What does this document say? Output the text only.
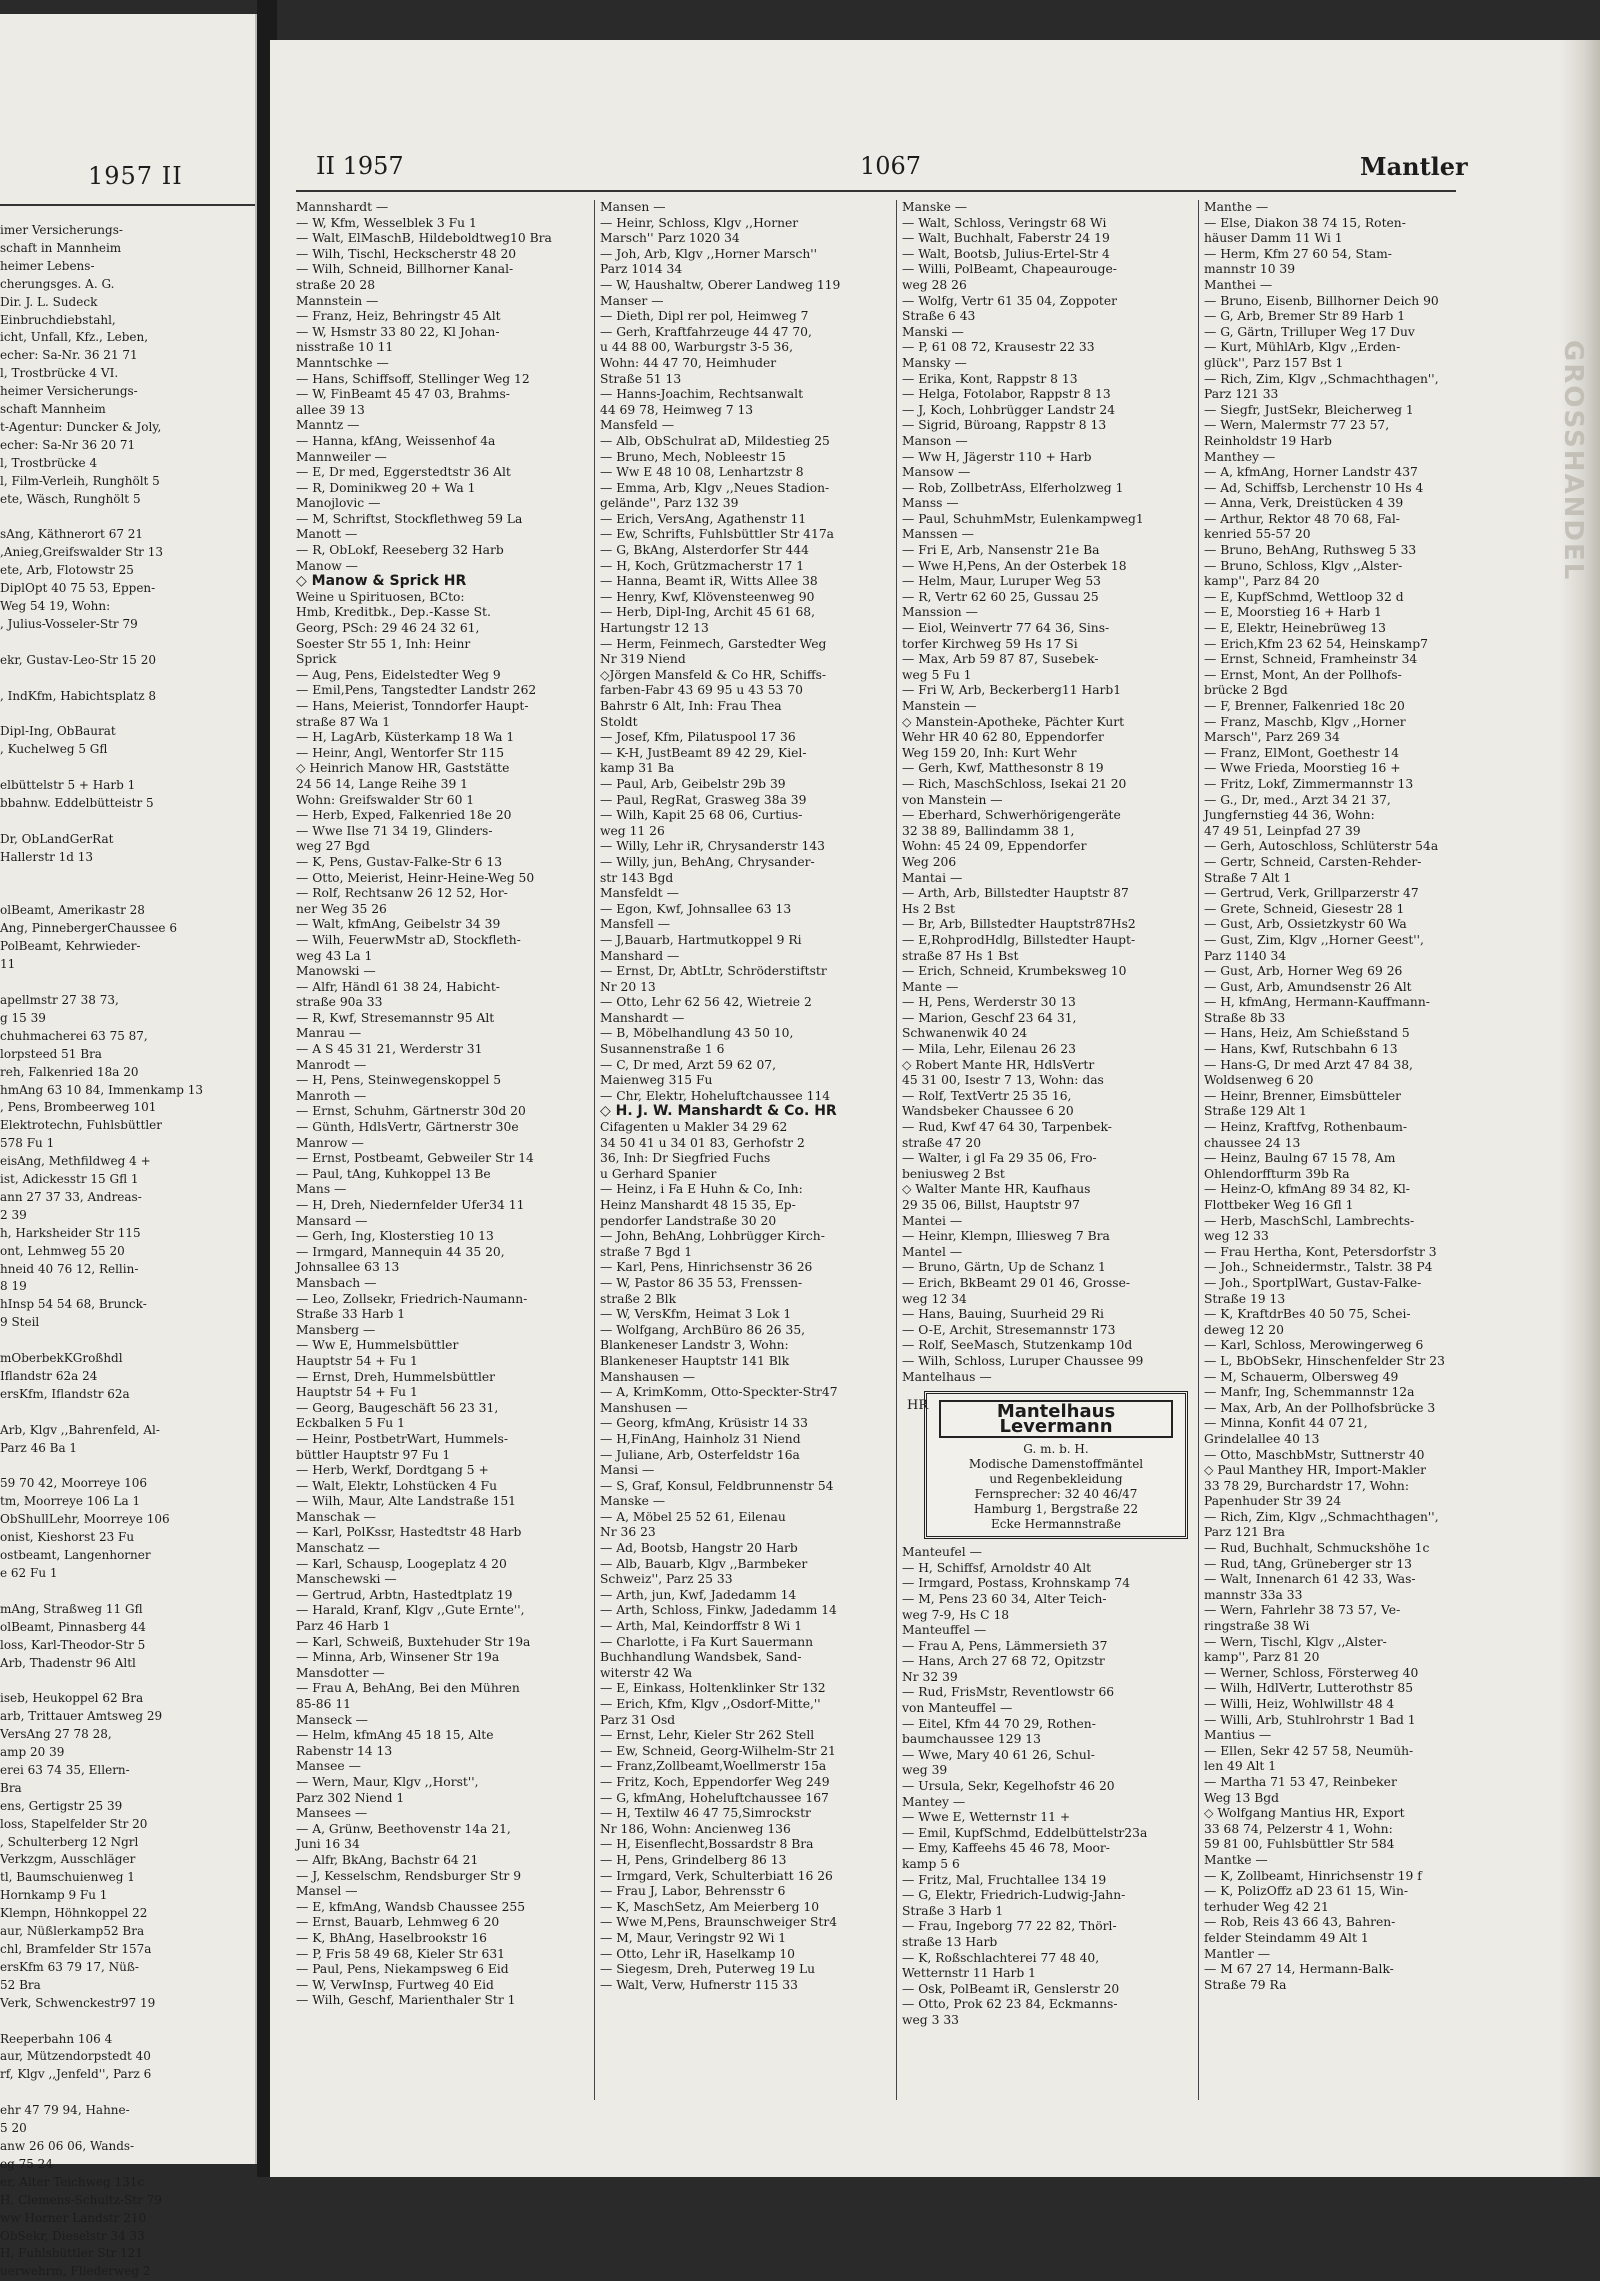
1957 II
imer Versicherungs-
schaft in Mannheim
heimer Lebens-
cherungsges. A. G.
Dir. J. L. Sudeck
Einbruchdiebstahl,
icht, Unfall, Kfz., Leben,
echer: Sa-Nr. 36 21 71
l, Trostbrücke 4 VI.
heimer Versicherungs-
schaft Mannheim
t-Agentur: Duncker & Joly,
echer: Sa-Nr 36 20 71
l, Trostbrücke 4
l, Film-Verleih, Runghölt 5
ete, Wäsch, Runghölt 5

sAng, Käthnerort 67 21
,Anieg,Greifswalder Str 13
ete, Arb, Flotowstr 25
DiplOpt 40 75 53, Eppen-
Weg 54 19, Wohn:
, Julius-Vosseler-Str 79

ekr, Gustav-Leo-Str 15 20

, IndKfm, Habichtsplatz 8

Dipl-Ing, ObBaurat
, Kuchelweg 5 Gfl

elbüttelstr 5 + Harb 1
bbahnw. Eddelbütteistr 5

Dr, ObLandGerRat
Hallerstr 1d 13

olBeamt, Amerikastr 28
Ang, PinnebergerChaussee 6
PolBeamt, Kehrwieder-
11

apellmstr 27 38 73,
g 15 39
chuhmacherei 63 75 87,
lorpsteed 51 Bra
reh, Falkenried 18a 20
hmAng 63 10 84, Immenkamp 13
, Pens, Brombeerweg 101
Elektrotechn, Fuhlsbüttler
578 Fu 1
eisAng, Methfildweg 4 +
ist, Adickesstr 15 Gfl 1
ann 27 37 33, Andreas-
2 39
h, Harksheider Str 115
ont, Lehmweg 55 20
hneid 40 76 12, Rellin-
8 19
hInsp 54 54 68, Brunck-
9 Steil

mOberbekKGroßhdl
Iflandstr 62a 24
ersKfm, Iflandstr 62a

Arb, Klgv ,,Bahrenfeld, Al-
Parz 46 Ba 1

59 70 42, Moorreye 106
tm, Moorreye 106 La 1
ObShullLehr, Moorreye 106
onist, Kieshorst 23 Fu
ostbeamt, Langenhorner
e 62 Fu 1

mAng, Straßweg 11 Gfl
olBeamt, Pinnasberg 44
loss, Karl-Theodor-Str 5
Arb, Thadenstr 96 Altl

iseb, Heukoppel 62 Bra
arb, Trittauer Amtsweg 29
VersAng 27 78 28,
amp 20 39
erei 63 74 35, Ellern-
Bra
ens, Gertigstr 25 39
loss, Stapelfelder Str 20
, Schulterberg 12 Ngrl
Verkzgm, Ausschläger
tl, Baumschuienweg 1
Hornkamp 9 Fu 1
Klempn, Höhnkoppel 22
aur, Nüßlerkamp52 Bra
chl, Bramfelder Str 157a
ersKfm 63 79 17, Nüß-
52 Bra
Verk, Schwenckestr97 19

Reeperbahn 106 4
aur, Mützendorpstedt 40
rf, Klgv ,,Jenfeld'', Parz 6

ehr 47 79 94, Hahne-
5 20
anw 26 06 06, Wands-
eg 75 24
er, Alter Teichweg 131c
H, Clemens-Schultz-Str 79
ww Horner Landstr 210
ObSekr, Dieselstr 34 33
H, Fuhlsbüttler Str 121
uerwehrm, Fliederweg 2
GROSSHANDEL
II 1957	1067	Mantler
Mannshardt —
— W, Kfm, Wesselblek 3 Fu 1
— Walt, ElMaschB, Hildeboldtweg10 Bra
— Wilh, Tischl, Heckscherstr 48 20
— Wilh, Schneid, Billhorner Kanal-
straße 20 28
Mannstein —
— Franz, Heiz, Behringstr 45 Alt
— W, Hsmstr 33 80 22, Kl Johan-
nisstraße 10 11
Manntschke —
— Hans, Schiffsoff, Stellinger Weg 12
— W, FinBeamt 45 47 03, Brahms-
allee 39 13
Manntz —
— Hanna, kfAng, Weissenhof 4a
Mannweiler —
— E, Dr med, Eggerstedtstr 36 Alt
— R, Dominikweg 20 + Wa 1
Manojlovic —
— M, Schriftst, Stockflethweg 59 La
Manott —
— R, ObLokf, Reeseberg 32 Harb
Manow —
◇ Manow & Sprick HR
Weine u Spirituosen, BCto:
Hmb, Kreditbk., Dep.-Kasse St.
Georg, PSch: 29 46 24 32 61,
Soester Str 55 1, Inh: Heinr
Sprick
— Aug, Pens, Eidelstedter Weg 9
— Emil,Pens, Tangstedter Landstr 262
— Hans, Meierist, Tonndorfer Haupt-
straße 87 Wa 1
— H, LagArb, Küsterkamp 18 Wa 1
— Heinr, Angl, Wentorfer Str 115
◇ Heinrich Manow HR, Gaststätte
24 56 14, Lange Reihe 39 1
Wohn: Greifswalder Str 60 1
— Herb, Exped, Falkenried 18e 20
— Wwe Ilse 71 34 19, Glinders-
weg 27 Bgd
— K, Pens, Gustav-Falke-Str 6 13
— Otto, Meierist, Heinr-Heine-Weg 50
— Rolf, Rechtsanw 26 12 52, Hor-
ner Weg 35 26
— Walt, kfmAng, Geibelstr 34 39
— Wilh, FeuerwMstr aD, Stockfleth-
weg 43 La 1
Manowski —
— Alfr, Händl 61 38 24, Habicht-
straße 90a 33
— R, Kwf, Stresemannstr 95 Alt
Manrau —
— A S 45 31 21, Werderstr 31
Manrodt —
— H, Pens, Steinwegenskoppel 5
Manroth —
— Ernst, Schuhm, Gärtnerstr 30d 20
— Günth, HdlsVertr, Gärtnerstr 30e
Manrow —
— Ernst, Postbeamt, Gebweiler Str 14
— Paul, tAng, Kuhkoppel 13 Be
Mans —
— H, Dreh, Niedernfelder Ufer34 11
Mansard —
— Gerh, Ing, Klosterstieg 10 13
— Irmgard, Mannequin 44 35 20,
Johnsallee 63 13
Mansbach —
— Leo, Zollsekr, Friedrich-Naumann-
Straße 33 Harb 1
Mansberg —
— Ww E, Hummelsbüttler
Hauptstr 54 + Fu 1
— Ernst, Dreh, Hummelsbüttler
Hauptstr 54 + Fu 1
— Georg, Baugeschäft 56 23 31,
Eckbalken 5 Fu 1
— Heinr, PostbetrWart, Hummels-
büttler Hauptstr 97 Fu 1
— Herb, Werkf, Dordtgang 5 +
— Walt, Elektr, Lohstücken 4 Fu
— Wilh, Maur, Alte Landstraße 151
Manschak —
— Karl, PolKssr, Hastedtstr 48 Harb
Manschatz —
— Karl, Schausp, Loogeplatz 4 20
Manschewski —
— Gertrud, Arbtn, Hastedtplatz 19
— Harald, Kranf, Klgv ,,Gute Ernte'',
Parz 46 Harb 1
— Karl, Schweiß, Buxtehuder Str 19a
— Minna, Arb, Winsener Str 19a
Mansdotter —
— Frau A, BehAng, Bei den Mühren
85-86 11
Manseck —
— Helm, kfmAng 45 18 15, Alte
Rabenstr 14 13
Mansee —
— Wern, Maur, Klgv ,,Horst'',
Parz 302 Niend 1
Mansees —
— A, Grünw, Beethovenstr 14a 21,
Juni 16 34
— Alfr, BkAng, Bachstr 64 21
— J, Kesselschm, Rendsburger Str 9
Mansel —
— E, kfmAng, Wandsb Chaussee 255
— Ernst, Bauarb, Lehmweg 6 20
— K, BhAng, Haselbrookstr 16
— P, Fris 58 49 68, Kieler Str 631
— Paul, Pens, Niekampsweg 6 Eid
— W, VerwInsp, Furtweg 40 Eid
— Wilh, Geschf, Marienthaler Str 1
Mansen —
— Heinr, Schloss, Klgv ,,Horner
Marsch'' Parz 1020 34
— Joh, Arb, Klgv ,,Horner Marsch''
Parz 1014 34
— W, Haushaltw, Oberer Landweg 119
Manser —
— Dieth, Dipl rer pol, Heimweg 7
— Gerh, Kraftfahrzeuge 44 47 70,
u 44 88 00, Warburgstr 3-5 36,
Wohn: 44 47 70, Heimhuder
Straße 51 13
— Hanns-Joachim, Rechtsanwalt
44 69 78, Heimweg 7 13
Mansfeld —
— Alb, ObSchulrat aD, Mildestieg 25
— Bruno, Mech, Nobleestr 15
— Ww E 48 10 08, Lenhartzstr 8
— Emma, Arb, Klgv ,,Neues Stadion-
gelände'', Parz 132 39
— Erich, VersAng, Agathenstr 11
— Ew, Schrifts, Fuhlsbüttler Str 417a
— G, BkAng, Alsterdorfer Str 444
— H, Koch, Grützmacherstr 17 1
— Hanna, Beamt iR, Witts Allee 38
— Henry, Kwf, Klövensteenweg 90
— Herb, Dipl-Ing, Archit 45 61 68,
Hartungstr 12 13
— Herm, Feinmech, Garstedter Weg
Nr 319 Niend
◇Jörgen Mansfeld & Co HR, Schiffs-
farben-Fabr 43 69 95 u 43 53 70
Bahrstr 6 Alt, Inh: Frau Thea
Stoldt
— Josef, Kfm, Pilatuspool 17 36
— K-H, JustBeamt 89 42 29, Kiel-
kamp 31 Ba
— Paul, Arb, Geibelstr 29b 39
— Paul, RegRat, Grasweg 38a 39
— Wilh, Kapit 25 68 06, Curtius-
weg 11 26
— Willy, Lehr iR, Chrysanderstr 143
— Willy, jun, BehAng, Chrysander-
str 143 Bgd
Mansfeldt —
— Egon, Kwf, Johnsallee 63 13
Mansfell —
— J,Bauarb, Hartmutkoppel 9 Ri
Manshard —
— Ernst, Dr, AbtLtr, Schröderstiftstr
Nr 20 13
— Otto, Lehr 62 56 42, Wietreie 2
Manshardt —
— B, Möbelhandlung 43 50 10,
Susannenstraße 1 6
— C, Dr med, Arzt 59 62 07,
Maienweg 315 Fu
— Chr, Elektr, Hoheluftchaussee 114
◇ H. J. W. Manshardt & Co. HR
Cifagenten u Makler 34 29 62
34 50 41 u 34 01 83, Gerhofstr 2
36, Inh: Dr Siegfried Fuchs
u Gerhard Spanier
— Heinz, i Fa E Huhn & Co, Inh:
Heinz Manshardt 48 15 35, Ep-
pendorfer Landstraße 30 20
— John, BehAng, Lohbrügger Kirch-
straße 7 Bgd 1
— Karl, Pens, Hinrichsenstr 36 26
— W, Pastor 86 35 53, Frenssen-
straße 2 Blk
— W, VersKfm, Heimat 3 Lok 1
— Wolfgang, ArchBüro 86 26 35,
Blankeneser Landstr 3, Wohn:
Blankeneser Hauptstr 141 Blk
Manshausen —
— A, KrimKomm, Otto-Speckter-Str47
Manshusen —
— Georg, kfmAng, Krüsistr 14 33
— H,FinAng, Hainholz 31 Niend
— Juliane, Arb, Osterfeldstr 16a
Mansi —
— S, Graf, Konsul, Feldbrunnenstr 54
Manske —
— A, Möbel 25 52 61, Eilenau
Nr 36 23
— Ad, Bootsb, Hangstr 20 Harb
— Alb, Bauarb, Klgv ,,Barmbeker
Schweiz'', Parz 25 33
— Arth, jun, Kwf, Jadedamm 14
— Arth, Schloss, Finkw, Jadedamm 14
— Arth, Mal, Keindorffstr 8 Wi 1
— Charlotte, i Fa Kurt Sauermann
Buchhandlung Wandsbek, Sand-
witerstr 42 Wa
— E, Einkass, Holtenklinker Str 132
— Erich, Kfm, Klgv ,,Osdorf-Mitte,''
Parz 31 Osd
— Ernst, Lehr, Kieler Str 262 Stell
— Ew, Schneid, Georg-Wilhelm-Str 21
— Franz,Zollbeamt,Woellmerstr 15a
— Fritz, Koch, Eppendorfer Weg 249
— G, kfmAng, Hoheluftchaussee 167
— H, Textilw 46 47 75,Simrockstr
Nr 186, Wohn: Ancienweg 136
— H, Eisenflecht,Bossardstr 8 Bra
— H, Pens, Grindelberg 86 13
— Irmgard, Verk, Schulterbiatt 16 26
— Frau J, Labor, Behrensstr 6
— K, MaschSetz, Am Meierberg 10
— Wwe M,Pens, Braunschweiger Str4
— M, Maur, Veringstr 92 Wi 1
— Otto, Lehr iR, Haselkamp 10
— Siegesm, Dreh, Puterweg 19 Lu
— Walt, Verw, Hufnerstr 115 33
Manske —
— Walt, Schloss, Veringstr 68 Wi
— Walt, Buchhalt, Faberstr 24 19
— Walt, Bootsb, Julius-Ertel-Str 4
— Willi, PolBeamt, Chapeaurouge-
weg 28 26
— Wolfg, Vertr 61 35 04, Zoppoter
Straße 6 43
Manski —
— P, 61 08 72, Krausestr 22 33
Mansky —
— Erika, Kont, Rappstr 8 13
— Helga, Fotolabor, Rappstr 8 13
— J, Koch, Lohbrügger Landstr 24
— Sigrid, Büroang, Rappstr 8 13
Manson —
— Ww H, Jägerstr 110 + Harb
Mansow —
— Rob, ZollbetrAss, Elferholzweg 1
Manss —
— Paul, SchuhmMstr, Eulenkampweg1
Manssen —
— Fri E, Arb, Nansenstr 21e Ba
— Wwe H,Pens, An der Osterbek 18
— Helm, Maur, Luruper Weg 53
— R, Vertr 62 60 25, Gussau 25
Manssion —
— Eiol, Weinvertr 77 64 36, Sins-
torfer Kirchweg 59 Hs 17 Si
— Max, Arb 59 87 87, Susebek-
weg 5 Fu 1
— Fri W, Arb, Beckerberg11 Harb1
Manstein —
◇ Manstein-Apotheke, Pächter Kurt
Wehr HR 40 62 80, Eppendorfer
Weg 159 20, Inh: Kurt Wehr
— Gerh, Kwf, Matthesonstr 8 19
— Rich, MaschSchloss, Isekai 21 20
von Manstein —
— Eberhard, Schwerhörigengeräte
32 38 89, Ballindamm 38 1,
Wohn: 45 24 09, Eppendorfer
Weg 206
Mantai —
— Arth, Arb, Billstedter Hauptstr 87
Hs 2 Bst
— Br, Arb, Billstedter Hauptstr87Hs2
— E,RohprodHdlg, Billstedter Haupt-
straße 87 Hs 1 Bst
— Erich, Schneid, Krumbeksweg 10
Mante —
— H, Pens, Werderstr 30 13
— Marion, Geschf 23 64 31,
Schwanenwik 40 24
— Mila, Lehr, Eilenau 26 23
◇ Robert Mante HR, HdlsVertr
45 31 00, Isestr 7 13, Wohn: das
— Rolf, TextVertr 25 35 16,
Wandsbeker Chaussee 6 20
— Rud, Kwf 47 64 30, Tarpenbek-
straße 47 20
— Walter, i gl Fa 29 35 06, Fro-
beniusweg 2 Bst
◇ Walter Mante HR, Kaufhaus
29 35 06, Billst, Hauptstr 97
Mantei —
— Heinr, Klempn, Illiesweg 7 Bra
Mantel —
— Bruno, Gärtn, Up de Schanz 1
— Erich, BkBeamt 29 01 46, Grosse-
weg 12 34
— Hans, Bauing, Suurheid 29 Ri
— O-E, Archit, Stresemannstr 173
— Rolf, SeeMasch, Stutzenkamp 10d
— Wilh, Schloss, Luruper Chaussee 99
Mantelhaus —
HR	Mantelhaus Levermann
G. m. b. H.
Modische Damenstoffmäntel
und Regenbekleidung
Fernsprecher: 32 40 46/47
Hamburg 1, Bergstraße 22
Ecke Hermannstraße
Manteufel —
— H, Schiffsf, Arnoldstr 40 Alt
— Irmgard, Postass, Krohnskamp 74
— M, Pens 23 60 34, Alter Teich-
weg 7-9, Hs C 18
Manteuffel —
— Frau A, Pens, Lämmersieth 37
— Hans, Arch 27 68 72, Opitzstr
Nr 32 39
— Rud, FrisMstr, Reventlowstr 66
von Manteuffel —
— Eitel, Kfm 44 70 29, Rothen-
baumchaussee 129 13
— Wwe, Mary 40 61 26, Schul-
weg 39
— Ursula, Sekr, Kegelhofstr 46 20
Mantey —
— Wwe E, Wetternstr 11 +
— Emil, KupfSchmd, Eddelbüttelstr23a
— Emy, Kaffeehs 45 46 78, Moor-
kamp 5 6
— Fritz, Mal, Fruchtallee 134 19
— G, Elektr, Friedrich-Ludwig-Jahn-
Straße 3 Harb 1
— Frau, Ingeborg 77 22 82, Thörl-
straße 13 Harb
— K, Roßschlachterei 77 48 40,
Wetternstr 11 Harb 1
— Osk, PolBeamt iR, Genslerstr 20
— Otto, Prok 62 23 84, Eckmanns-
weg 3 33
Manthe —
— Else, Diakon 38 74 15, Roten-
häuser Damm 11 Wi 1
— Herm, Kfm 27 60 54, Stam-
mannstr 10 39
Manthei —
— Bruno, Eisenb, Billhorner Deich 90
— G, Arb, Bremer Str 89 Harb 1
— G, Gärtn, Trilluper Weg 17 Duv
— Kurt, MühlArb, Klgv ,,Erden-
glück'', Parz 157 Bst 1
— Rich, Zim, Klgv ,,Schmachthagen'',
Parz 121 33
— Siegfr, JustSekr, Bleicherweg 1
— Wern, Malermstr 77 23 57,
Reinholdstr 19 Harb
Manthey —
— A, kfmAng, Horner Landstr 437
— Ad, Schiffsb, Lerchenstr 10 Hs 4
— Anna, Verk, Dreistücken 4 39
— Arthur, Rektor 48 70 68, Fal-
kenried 55-57 20
— Bruno, BehAng, Ruthsweg 5 33
— Bruno, Schloss, Klgv ,,Alster-
kamp'', Parz 84 20
— E, KupfSchmd, Wettloop 32 d
— E, Moorstieg 16 + Harb 1
— E, Elektr, Heinebrüweg 13
— Erich,Kfm 23 62 54, Heinskamp7
— Ernst, Schneid, Framheinstr 34
— Ernst, Mont, An der Pollhofs-
brücke 2 Bgd
— F, Brenner, Falkenried 18c 20
— Franz, Maschb, Klgv ,,Horner
Marsch'', Parz 269 34
— Franz, ElMont, Goethestr 14
— Wwe Frieda, Moorstieg 16 +
— Fritz, Lokf, Zimmermannstr 13
— G., Dr, med., Arzt 34 21 37,
Jungfernstieg 44 36, Wohn:
47 49 51, Leinpfad 27 39
— Gerh, Autoschloss, Schlüterstr 54a
— Gertr, Schneid, Carsten-Rehder-
Straße 7 Alt 1
— Gertrud, Verk, Grillparzerstr 47
— Grete, Schneid, Giesestr 28 1
— Gust, Arb, Ossietzkystr 60 Wa
— Gust, Zim, Klgv ,,Horner Geest'',
Parz 1140 34
— Gust, Arb, Horner Weg 69 26
— Gust, Arb, Amundsenstr 26 Alt
— H, kfmAng, Hermann-Kauffmann-
Straße 8b 33
— Hans, Heiz, Am Schießstand 5
— Hans, Kwf, Rutschbahn 6 13
— Hans-G, Dr med Arzt 47 84 38,
Woldsenweg 6 20
— Heinr, Brenner, Eimsbütteler
Straße 129 Alt 1
— Heinz, Kraftfvg, Rothenbaum-
chaussee 24 13
— Heinz, Baulng 67 15 78, Am
Ohlendorffturm 39b Ra
— Heinz-O, kfmAng 89 34 82, Kl-
Flottbeker Weg 16 Gfl 1
— Herb, MaschSchl, Lambrechts-
weg 12 33
— Frau Hertha, Kont, Petersdorfstr 3
— Joh., Schneidermstr., Talstr. 38 P4
— Joh., SportplWart, Gustav-Falke-
Straße 19 13
— K, KraftdrBes 40 50 75, Schei-
deweg 12 20
— Karl, Schloss, Merowingerweg 6
— L, BbObSekr, Hinschenfelder Str 23
— M, Schauerm, Olbersweg 49
— Manfr, Ing, Schemmannstr 12a
— Max, Arb, An der Pollhofsbrücke 3
— Minna, Konfit 44 07 21,
Grindelallee 40 13
— Otto, MaschbMstr, Suttnerstr 40
◇ Paul Manthey HR, Import-Makler
33 78 29, Burchardstr 17, Wohn:
Papenhuder Str 39 24
— Rich, Zim, Klgv ,,Schmachthagen'',
Parz 121 Bra
— Rud, Buchhalt, Schmuckshöhe 1c
— Rud, tAng, Grüneberger str 13
— Walt, Innenarch 61 42 33, Was-
mannstr 33a 33
— Wern, Fahrlehr 38 73 57, Ve-
ringstraße 38 Wi
— Wern, Tischl, Klgv ,,Alster-
kamp'', Parz 81 20
— Werner, Schloss, Försterweg 40
— Wilh, HdlVertr, Lutterothstr 85
— Willi, Heiz, Wohlwillstr 48 4
— Willi, Arb, Stuhlrohrstr 1 Bad 1
Mantius —
— Ellen, Sekr 42 57 58, Neumüh-
len 49 Alt 1
— Martha 71 53 47, Reinbeker
Weg 13 Bgd
◇ Wolfgang Mantius HR, Export
33 68 74, Pelzerstr 4 1, Wohn:
59 81 00, Fuhlsbüttler Str 584
Mantke —
— K, Zollbeamt, Hinrichsenstr 19 f
— K, PolizOffz aD 23 61 15, Win-
terhuder Weg 42 21
— Rob, Reis 43 66 43, Bahren-
felder Steindamm 49 Alt 1
Mantler —
— M 67 27 14, Hermann-Balk-
Straße 79 Ra
